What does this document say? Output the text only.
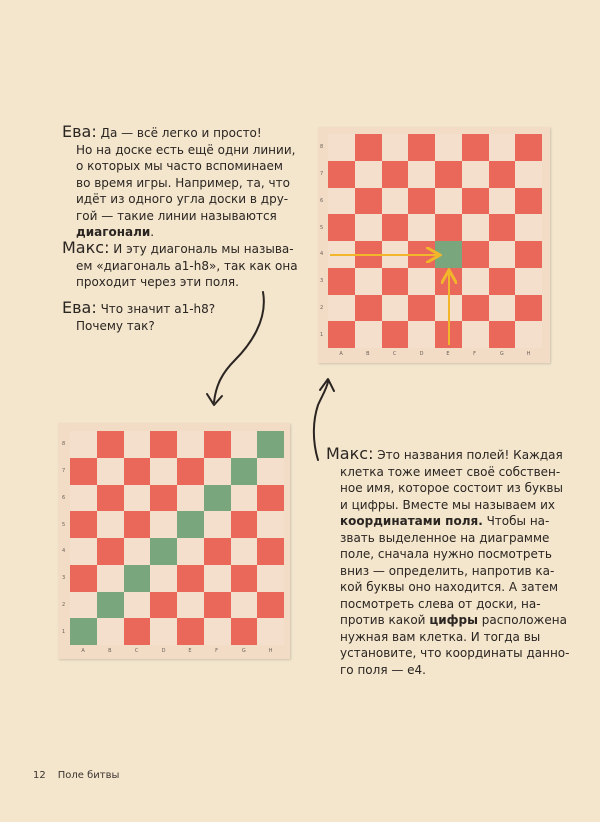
Ева: Да — всё легко и просто!
Но на доске есть ещё одни линии,
о которых мы часто вспоминаем
во время игры. Например, та, что
идёт из одного угла доски в дру-
гой — такие линии называются
диагонали.
Макс: И эту диагональ мы называ-
ем «диагональ a1-h8», так как она
проходит через эти поля.
Ева: Что значит a1-h8?
Почему так?
Макс: Это названия полей! Каждая
клетка тоже имеет своё собствен-
ное имя, которое состоит из буквы
и цифры. Вместе мы называем их
координатами поля. Чтобы на-
звать выделенное на диаграмме
поле, сначала нужно посмотреть
вниз — определить, напротив ка-
кой буквы оно находится. А затем
посмотреть слева от доски, на-
против какой цифры расположена
нужная вам клетка. И тогда вы
установите, что координаты данно-
го поля — е4.
8
7
6
5
4
3
2
1
A	B	C	D	E	F	G	H
8
7
6
5
4
3
2
1
A	B	C	D	E	F	G	H
12 Поле битвы
